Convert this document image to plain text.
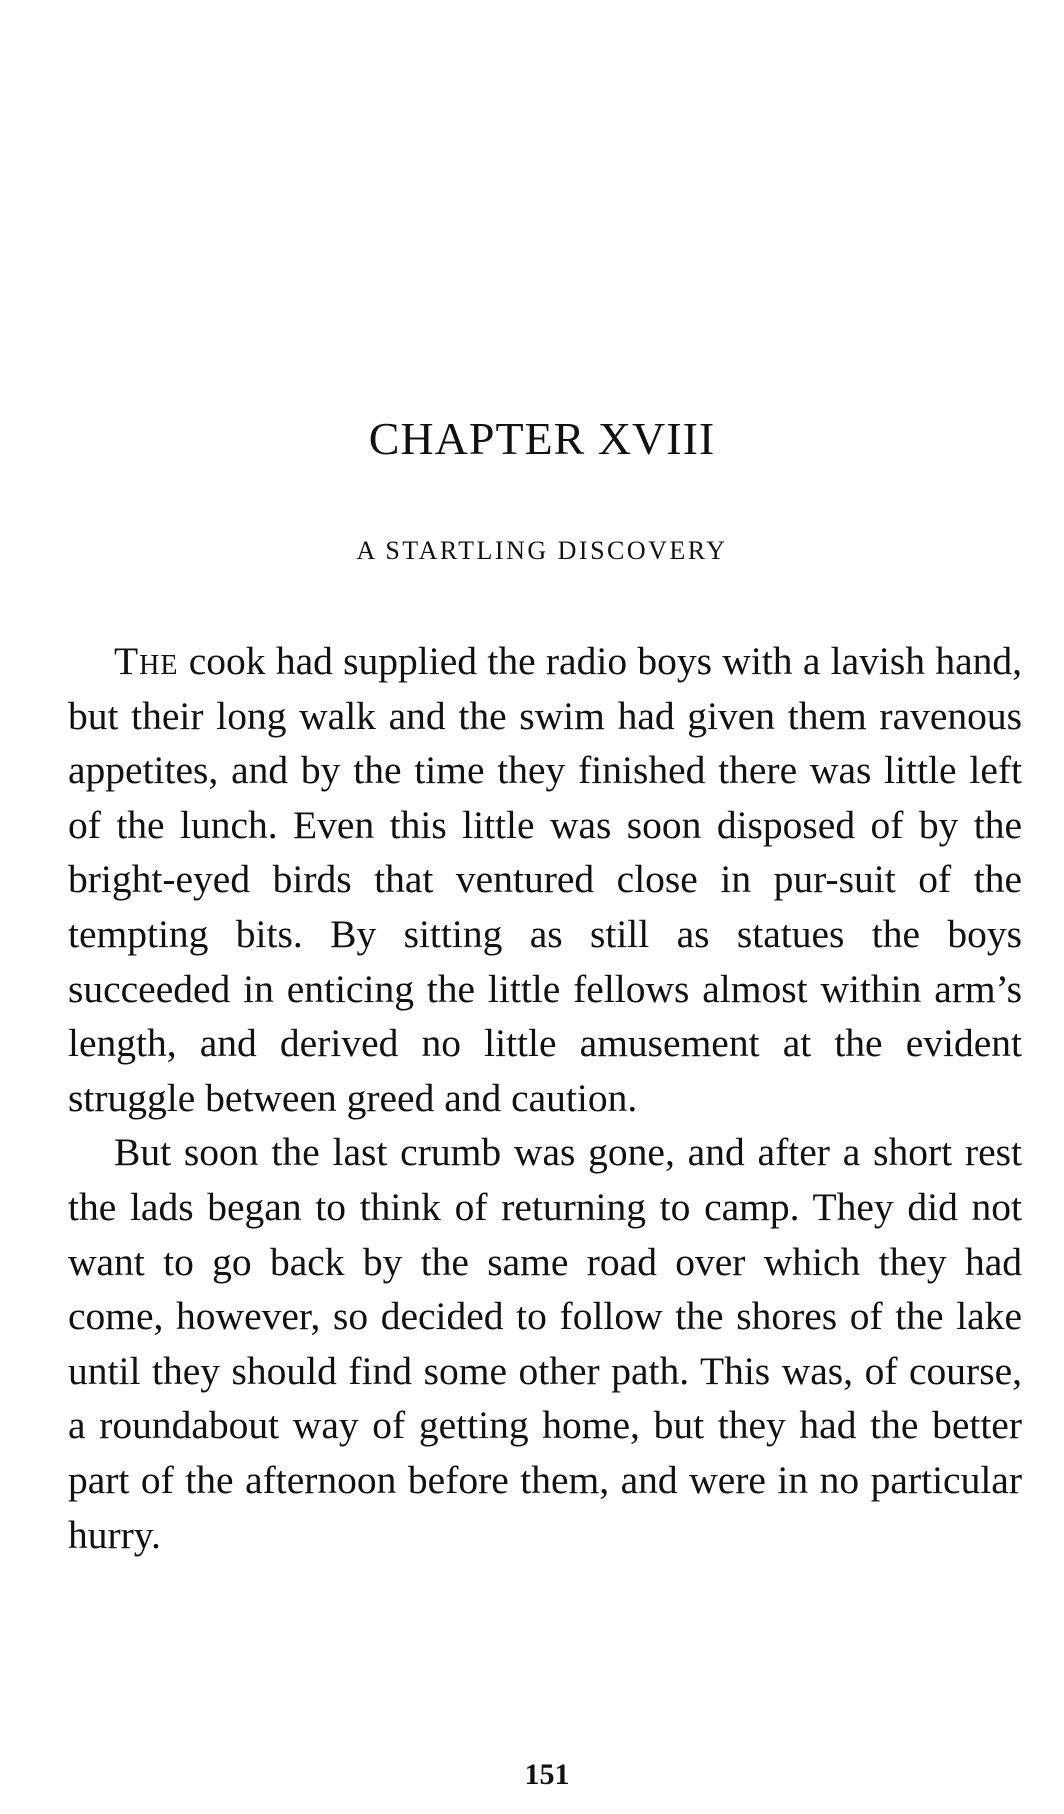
CHAPTER XVIII
A STARTLING DISCOVERY

The cook had supplied the radio boys with a lavish hand, but their long walk and the swim had given them ravenous appetites, and by the time they finished there was little left of the lunch. Even this little was soon disposed of by the bright-eyed birds that ventured close in pur-suit of the tempting bits. By sitting as still as statues the boys succeeded in enticing the little fellows almost within arm’s length, and derived no little amusement at the evident struggle between greed and caution.

But soon the last crumb was gone, and after a short rest the lads began to think of returning to camp. They did not want to go back by the same road over which they had come, however, so decided to follow the shores of the lake until they should find some other path. This was, of course, a roundabout way of getting home, but they had the better part of the afternoon before them, and were in no particular hurry.

151
